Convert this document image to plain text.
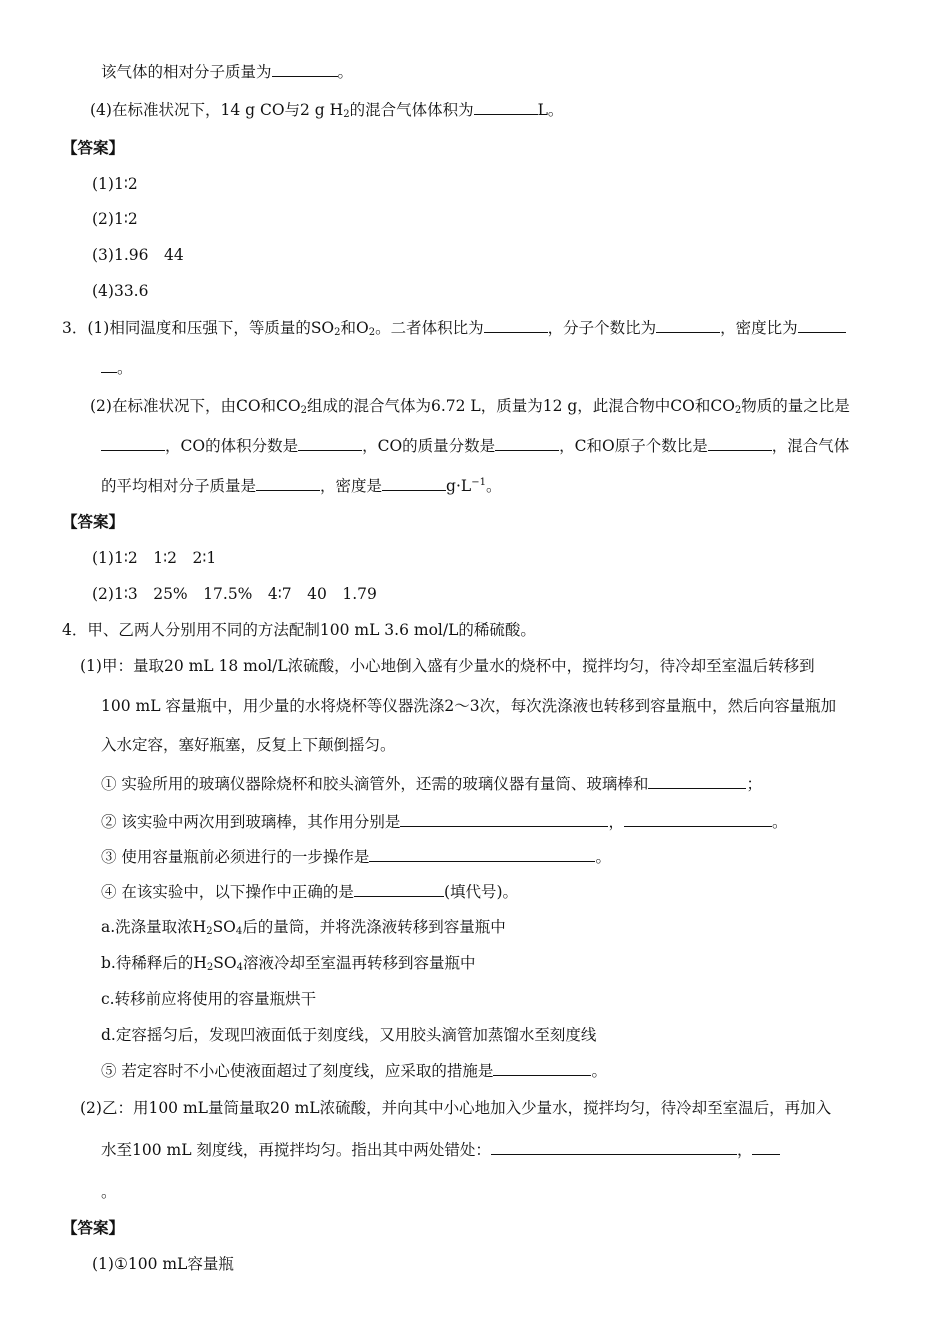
该气体的相对分子质量为	。
(4)在标准状况下，14 g CO与2 g $H_2$的混合气体体积为	L。
【答案】
(1)1∶2
(2)1∶2
(3)1.96　44
(4)33.6
3．(1)相同温度和压强下，等质量的$SO_2$和$O_2$。二者体积比为	，分子个数比为	，密度比为
。
(2)在标准状况下，由CO和$CO_2$组成的混合气体为6.72 L，质量为12 g，此混合物中CO和$CO_2$物质的量之比是
，CO的体积分数是	，CO的质量分数是	，C和O原子个数比是	，混合气体
的平均相对分子质量是	，密度是	$g\cdot L^{-1}$。
【答案】
(1)1∶2　1∶2　2∶1
(2)1∶3　25%　17.5%　4∶7　40　1.79
4．甲、乙两人分别用不同的方法配制100 mL 3.6 mol/L的稀硫酸。
(1)甲：量取20 mL 18 mol/L浓硫酸，小心地倒入盛有少量水的烧杯中，搅拌均匀，待冷却至室温后转移到
100 mL 容量瓶中，用少量的水将烧杯等仪器洗涤2～3次，每次洗涤液也转移到容量瓶中，然后向容量瓶加
入水定容，塞好瓶塞，反复上下颠倒摇匀。
① 实验所用的玻璃仪器除烧杯和胶头滴管外，还需的玻璃仪器有量筒、玻璃棒和	；
② 该实验中两次用到玻璃棒，其作用分别是	，	。
③ 使用容量瓶前必须进行的一步操作是	。
④ 在该实验中，以下操作中正确的是	(填代号)。
a.洗涤量取浓$H_2SO_4$后的量筒，并将洗涤液转移到容量瓶中
b.待稀释后的$H_2SO_4$溶液冷却至室温再转移到容量瓶中
c.转移前应将使用的容量瓶烘干
d.定容摇匀后，发现凹液面低于刻度线，又用胶头滴管加蒸馏水至刻度线
⑤ 若定容时不小心使液面超过了刻度线，应采取的措施是	。
(2)乙：用100 mL量筒量取20 mL浓硫酸，并向其中小心地加入少量水，搅拌均匀，待冷却至室温后，再加入
水至100 mL 刻度线，再搅拌均匀。指出其中两处错处：	，
。
【答案】
(1)①100 mL容量瓶
